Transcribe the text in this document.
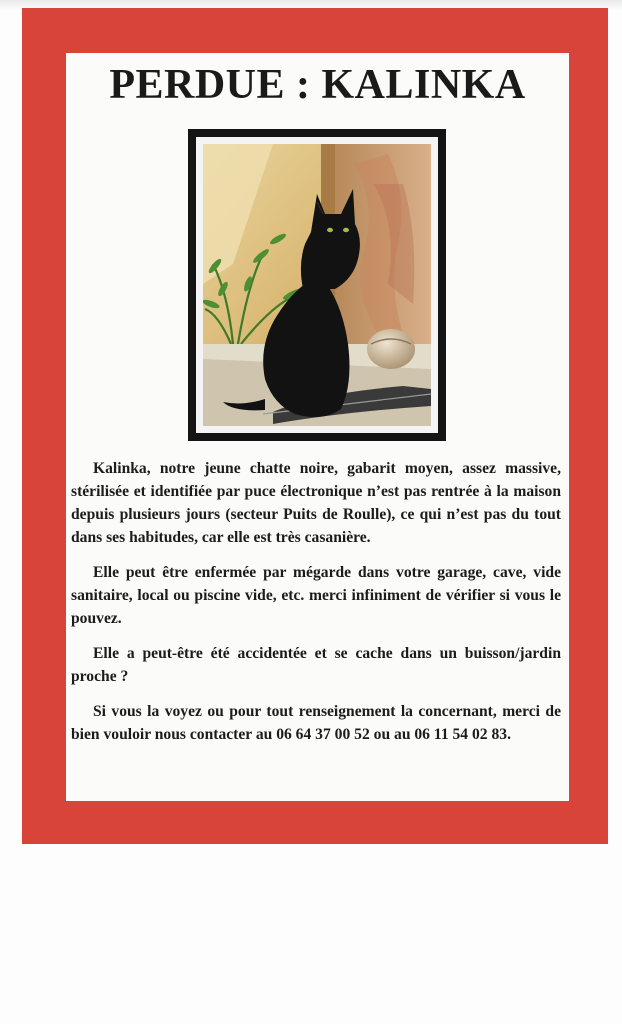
PERDUE : KALINKA

Kalinka, notre jeune chatte noire, gabarit moyen, assez massive, stérilisée et identifiée par puce électronique n’est pas rentrée à la maison depuis plusieurs jours (secteur Puits de Roulle), ce qui n’est pas du tout dans ses habitudes, car elle est très casanière.

Elle peut être enfermée par mégarde dans votre garage, cave, vide sanitaire, local ou piscine vide, etc. merci infiniment de vérifier si vous le pouvez.

Elle a peut-être été accidentée et se cache dans un buisson/jardin proche ?

Si vous la voyez ou pour tout renseignement la concernant, merci de bien vouloir nous contacter au 06 64 37 00 52 ou au 06 11 54 02 83.
